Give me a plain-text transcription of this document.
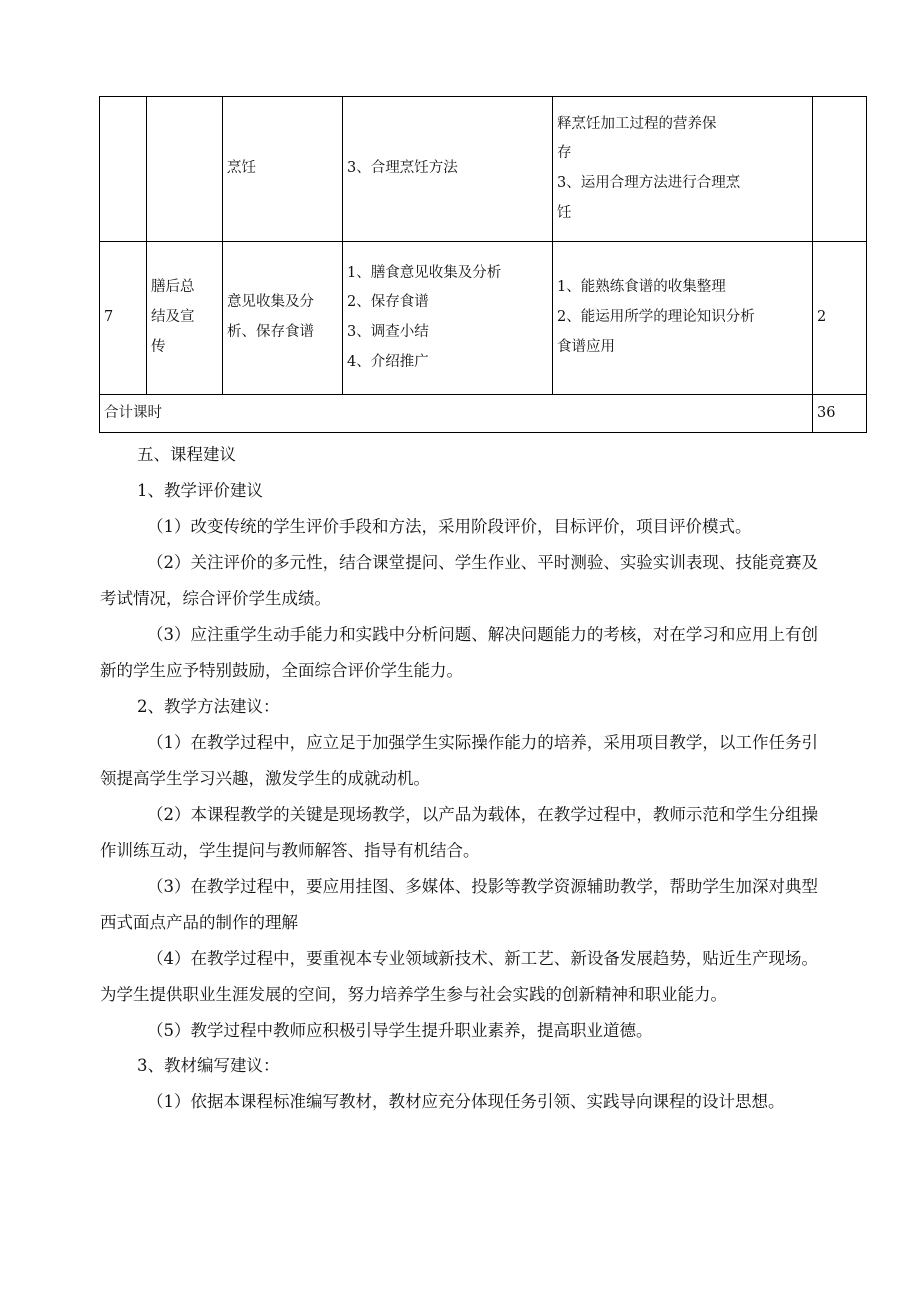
		烹饪	3、合理烹饪方法	释烹饪加工过程的营养保
存
3、运用合理方法进行合理烹
饪	

7	膳后总
结及宣
传	意见收集及分
析、保存食谱	1、膳食意见收集及分析
2、保存食谱
3、调查小结
4、介绍推广	1、能熟练食谱的收集整理
2、能运用所学的理论知识分析
食谱应用	2
合计课时					36

五、课程建议

1、教学评价建议

（1）改变传统的学生评价手段和方法，采用阶段评价，目标评价，项目评价模式。

（2）关注评价的多元性，结合课堂提问、学生作业、平时测验、实验实训表现、技能竞赛及考试情况，综合评价学生成绩。

（3）应注重学生动手能力和实践中分析问题、解决问题能力的考核，对在学习和应用上有创新的学生应予特别鼓励，全面综合评价学生能力。

2、教学方法建议：

（1）在教学过程中，应立足于加强学生实际操作能力的培养，采用项目教学，以工作任务引领提高学生学习兴趣，激发学生的成就动机。

（2）本课程教学的关键是现场教学，以产品为载体，在教学过程中，教师示范和学生分组操作训练互动，学生提问与教师解答、指导有机结合。

（3）在教学过程中，要应用挂图、多媒体、投影等教学资源辅助教学，帮助学生加深对典型西式面点产品的制作的理解

（4）在教学过程中，要重视本专业领域新技术、新工艺、新设备发展趋势，贴近生产现场。为学生提供职业生涯发展的空间，努力培养学生参与社会实践的创新精神和职业能力。

（5）教学过程中教师应积极引导学生提升职业素养，提高职业道德。

3、教材编写建议：

（1）依据本课程标准编写教材，教材应充分体现任务引领、实践导向课程的设计思想。
